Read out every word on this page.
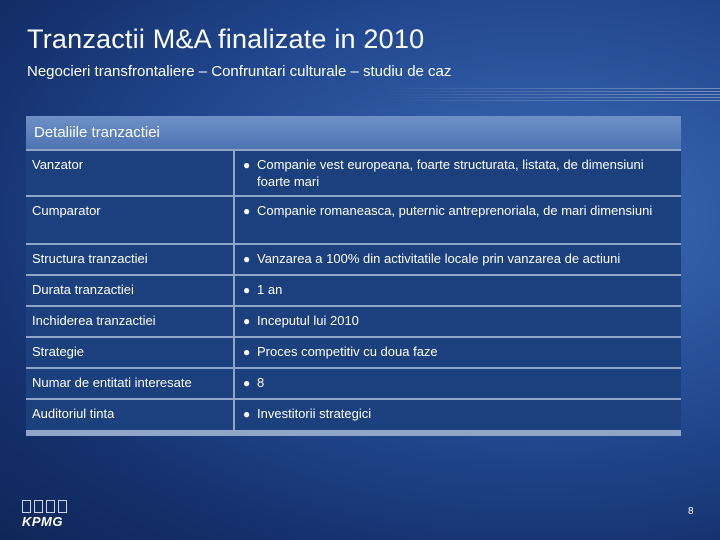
Tranzactii M&A finalizate in 2010

Negocieri transfrontaliere – Confruntari culturale – studiu de caz

Detaliile tranzactiei
Vanzator	● Companie vest europeana, foarte structurata, listata, de dimensiuni foarte mari
Cumparator	● Companie romaneasca, puternic antreprenoriala, de mari dimensiuni
Structura tranzactiei	● Vanzarea a 100% din activitatile locale prin vanzarea de actiuni
Durata tranzactiei	● 1 an
Inchiderea tranzactiei	● Inceputul lui 2010
Strategie	● Proces competitiv cu doua faze
Numar de entitati interesate	● 8
Auditoriul tinta	● Investitorii strategici
KPMG
8
